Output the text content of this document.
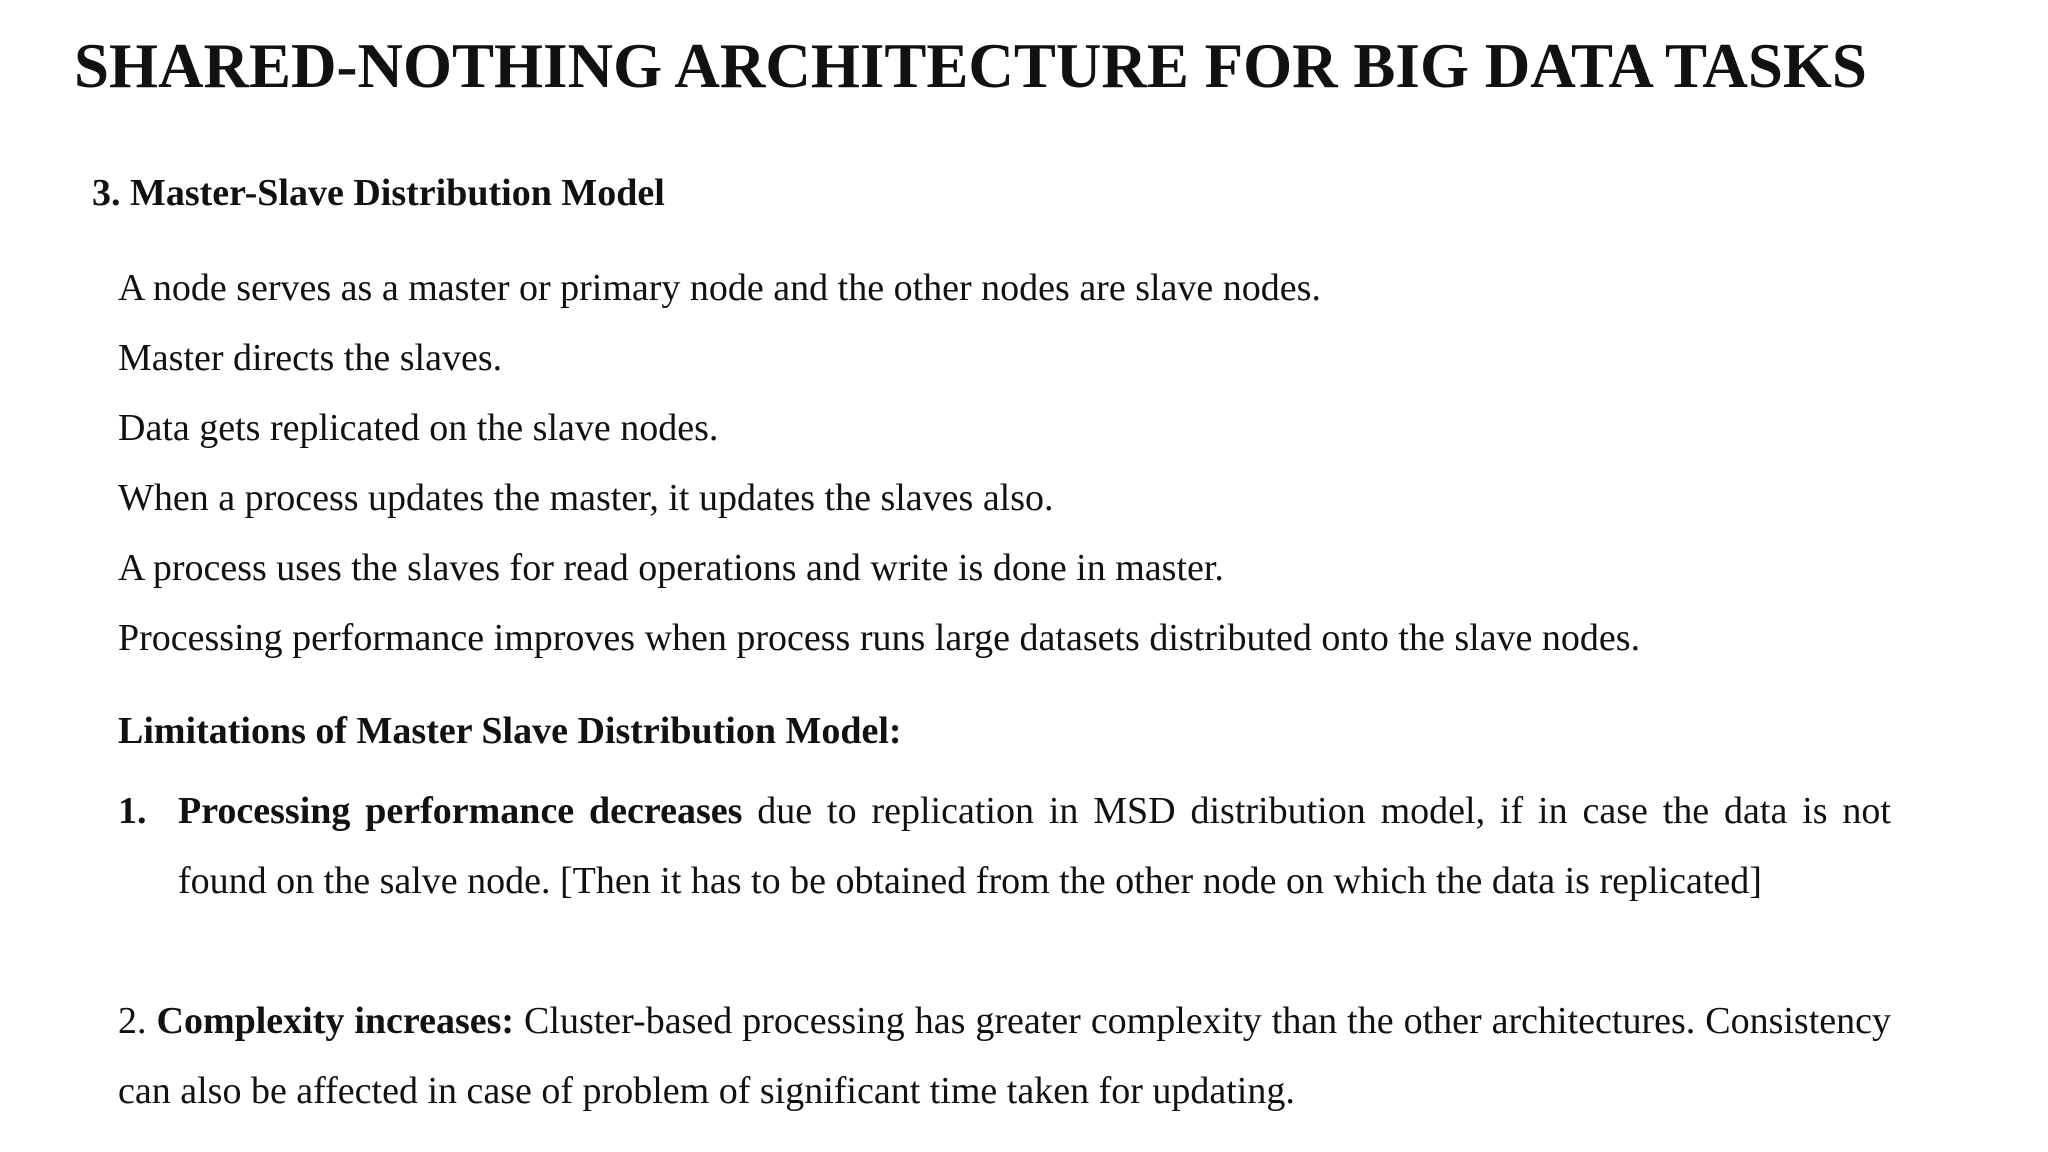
SHARED-NOTHING ARCHITECTURE FOR BIG DATA TASKS
3. Master-Slave Distribution Model
A node serves as a master or primary node and the other nodes are slave nodes.
Master directs the slaves.
Data gets replicated on the slave nodes.
When a process updates the master, it updates the slaves also.
A process uses the slaves for read operations and write is done in master.
Processing performance improves when process runs large datasets distributed onto the slave nodes.
Limitations of Master Slave Distribution Model:
1. Processing performance decreases due to replication in MSD distribution model, if in case the data is not found on the salve node. [Then it has to be obtained from the other node on which the data is replicated]
2. Complexity increases: Cluster-based processing has greater complexity than the other architectures. Consistency can also be affected in case of problem of significant time taken for updating.
